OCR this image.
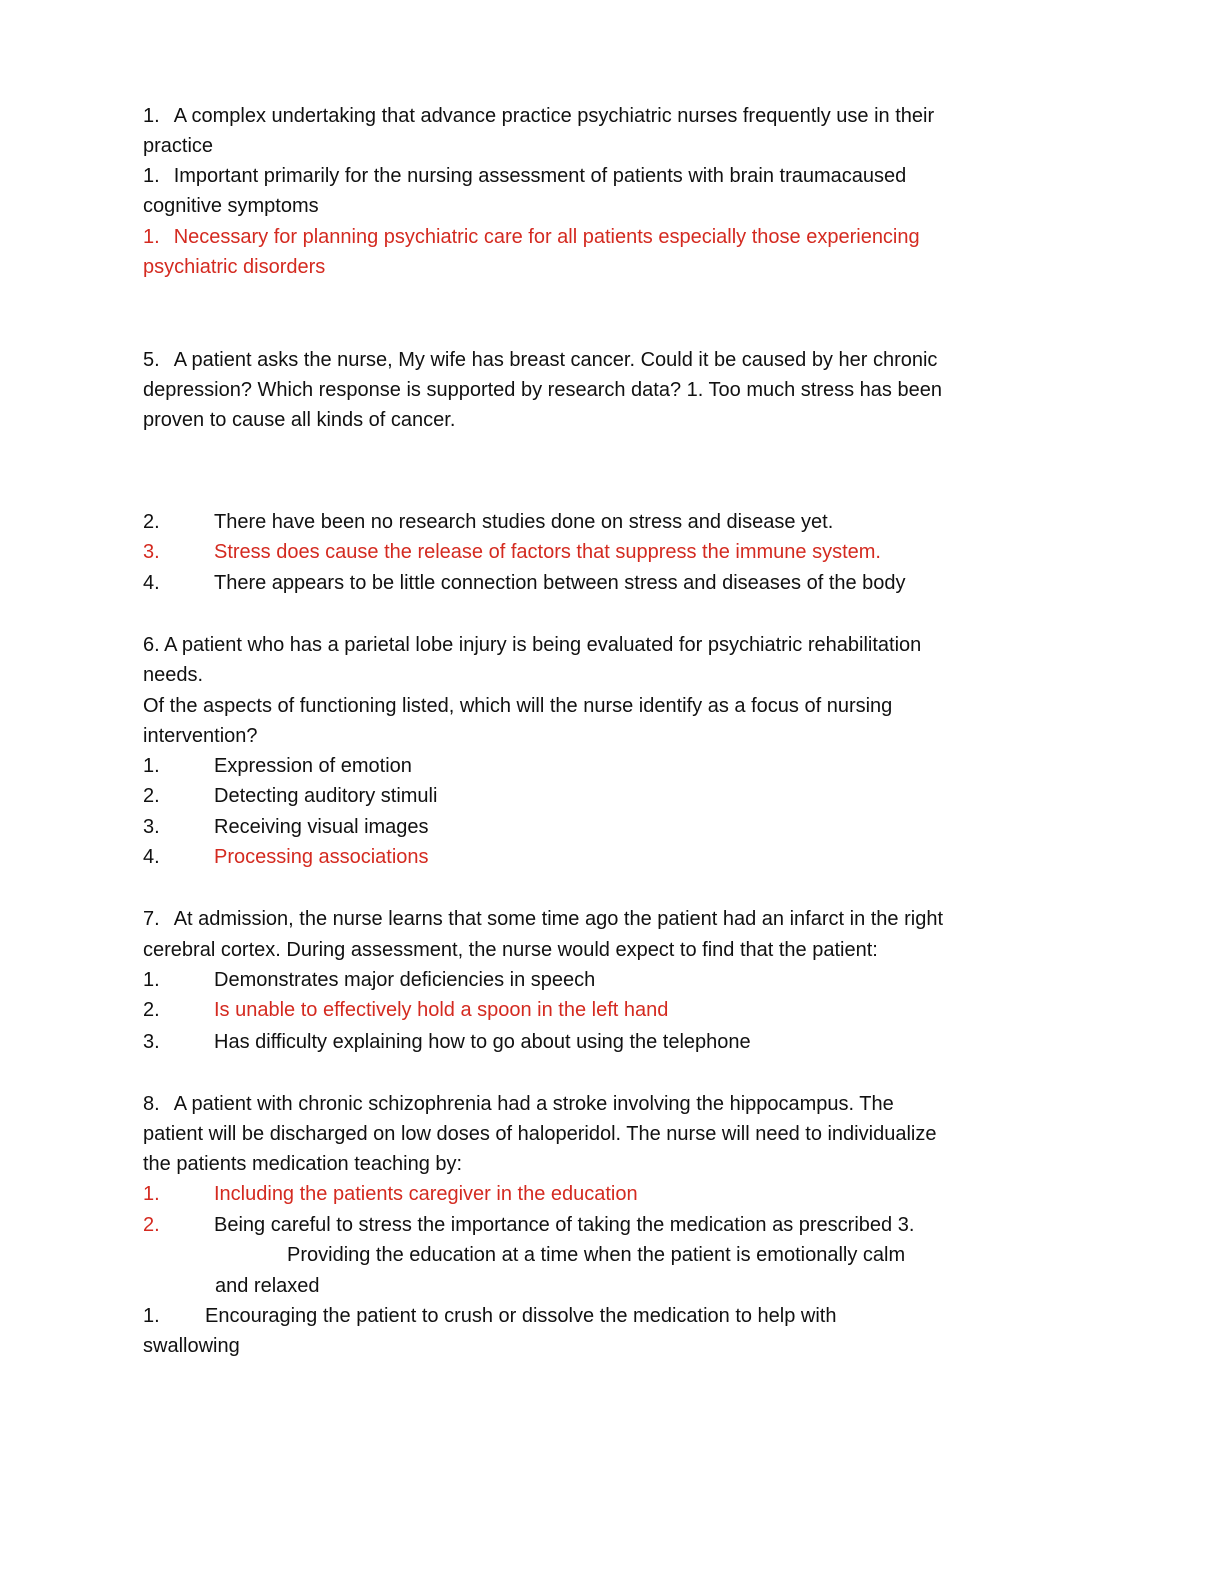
1. A complex undertaking that advance practice psychiatric nurses frequently use in their
practice
1. Important primarily for the nursing assessment of patients with brain traumacaused
cognitive symptoms
1. Necessary for planning psychiatric care for all patients especially those experiencing
psychiatric disorders
5. A patient asks the nurse, My wife has breast cancer. Could it be caused by her chronic
depression? Which response is supported by research data? 1. Too much stress has been
proven to cause all kinds of cancer.
2.	There have been no research studies done on stress and disease yet.
3.	Stress does cause the release of factors that suppress the immune system.
4.	There appears to be little connection between stress and diseases of the body
6. A patient who has a parietal lobe injury is being evaluated for psychiatric rehabilitation
needs.
Of the aspects of functioning listed, which will the nurse identify as a focus of nursing
intervention?
1.	Expression of emotion
2.	Detecting auditory stimuli
3.	Receiving visual images
4.	Processing associations
7. At admission, the nurse learns that some time ago the patient had an infarct in the right
cerebral cortex. During assessment, the nurse would expect to find that the patient:
1.	Demonstrates major deficiencies in speech
2.	Is unable to effectively hold a spoon in the left hand
3.	Has difficulty explaining how to go about using the telephone
8. A patient with chronic schizophrenia had a stroke involving the hippocampus. The
patient will be discharged on low doses of haloperidol. The nurse will need to individualize
the patients medication teaching by:
1.	Including the patients caregiver in the education
2.	Being careful to stress the importance of taking the medication as prescribed 3.
Providing the education at a time when the patient is emotionally calm
and relaxed
1. Encouraging the patient to crush or dissolve the medication to help with
swallowing
